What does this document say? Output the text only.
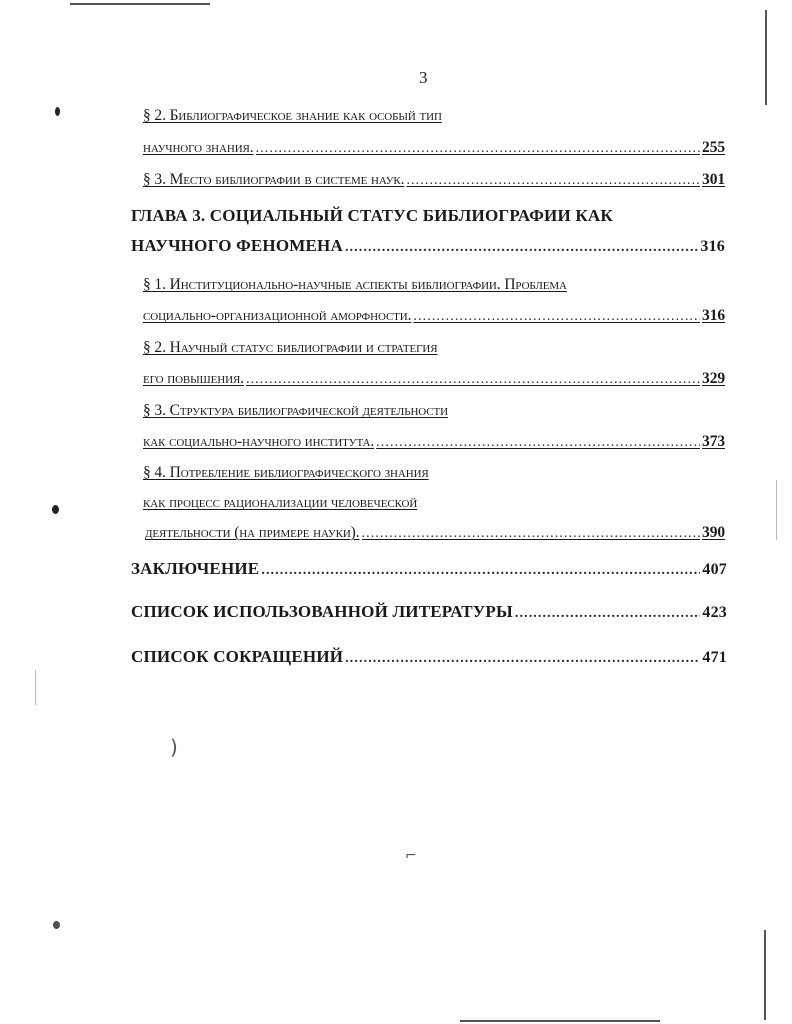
3
§ 2. Библиографическое знание как особый тип
научного знания. .....	255
§ 3. Место библиографии в системе наук. .....	301
ГЛАВА 3. СОЦИАЛЬНЫЙ СТАТУС БИБЛИОГРАФИИ КАК
НАУЧНОГО ФЕНОМЕНА .....	316
§ 1. Институционально-научные аспекты библиографии. Проблема
социально-организационной аморфности. .....	316
§ 2. Научный статус библиографии и стратегия
его повышения. .....	329
§ 3. Структура библиографической деятельности
как социально-научного института. .....	373
§ 4. Потребление библиографического знания
как процесс рационализации человеческой
деятельности (на примере науки). .....	390
ЗАКЛЮЧЕНИЕ .....	407
СПИСОК ИСПОЛЬЗОВАННОЙ ЛИТЕРАТУРЫ .....	423
СПИСОК СОКРАЩЕНИЙ .....	471
)
⌐
